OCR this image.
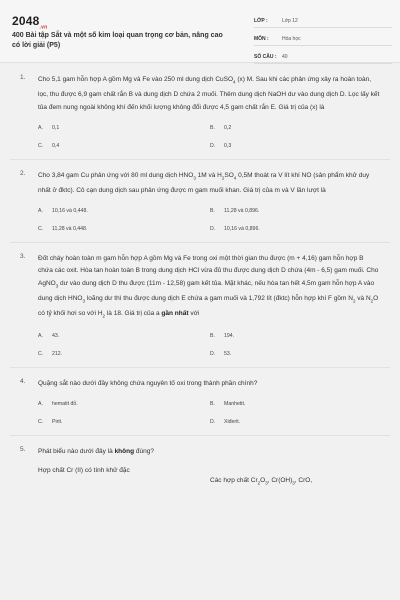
$2048_{.vn}$
400 Bài tập Sắt và một số kim loại quan trọng cơ bản, nâng cao có lời giải (P5)
LỚP :	Lớp 12
MÔN :	Hóa học
SỐ CÂU :	40
1. Cho 5,1 gam hỗn hợp A gồm Mg và Fe vào 250 ml dung dịch CuSO$_4$ (x) M. Sau khi các phản ứng xảy ra hoàn toàn, lọc, thu được 6,9 gam chất rắn B và dung dịch D chứa 2 muối. Thêm dung dịch NaOH dư vào dung dịch D. Lọc lấy kết tủa đem nung ngoài không khí đến khối lượng không đổi được 4,5 gam chất rắn E. Giá trị của (x) là
A.	0,1	B.	0,2
C.	0,4	D.	0,3
2. Cho 3,84 gam Cu phản ứng với 80 ml dung dịch $HNO_3$ 1M và $H_2SO_4$ 0,5M thoát ra V lít khí NO (sản phẩm khử duy nhất ở đktc). Cô cạn dung dịch sau phản ứng được m gam muối khan. Giá trị của m và V lần lượt là
A.	10,16 và 0,448.	B.	11,28 và 0,896.
C.	11,28 và 0,448.	D.	10,16 và 0,896.
3. Đốt cháy hoàn toàn m gam hỗn hợp A gồm Mg và Fe trong oxi một thời gian thu được (m + 4,16) gam hỗn hợp B chứa các oxit. Hòa tan hoàn toàn B trong dung dịch HCl vừa đủ thu được dung dịch D chứa (4m - 6,5) gam muối. Cho AgNO$_3$ dư vào dung dịch D thu được (11m - 12,58) gam kết tủa. Mặt khác, nếu hòa tan hết 4,5m gam hỗn hợp A vào dung dịch $HNO_3$ loãng dư thì thu được dung dịch E chứa a gam muối và 1,792 lít (đktc) hỗn hợp khí F gồm $N_2$ và $N_2O$ có tỷ khối hơi so với $H_2$ là 18. Giá trị của a gần nhất với
A.	43.	B.	194.
C.	212.	D.	53.
4. Quặng sắt nào dưới đây không chứa nguyên tố oxi trong thành phần chính?
A.	hematit đỏ.	B.	Manhetit.
C.	Pirit.	D.	Xiđerit.
5. Phát biểu nào dưới đây là không đúng?
Hợp chất Cr (II) có tính khử đặc
Các hợp chất $Cr_2O_3$, $Cr(OH)_3$, CrO,
